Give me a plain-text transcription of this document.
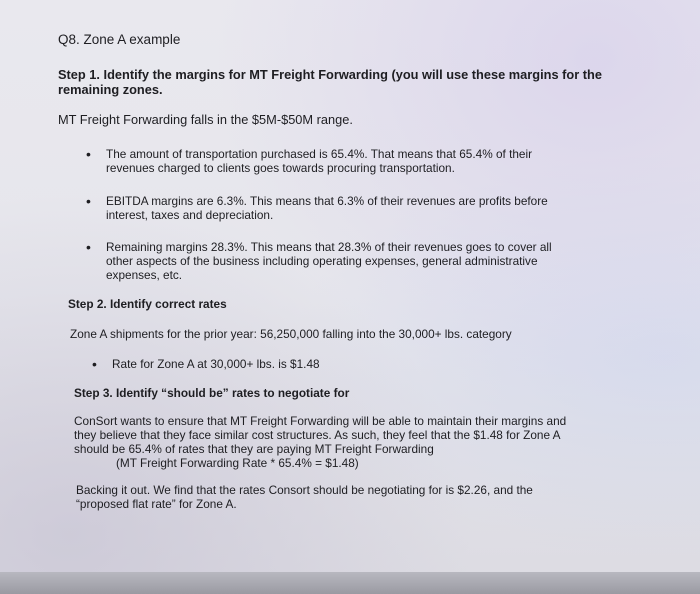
Q8. Zone A example
Step 1. Identify the margins for MT Freight Forwarding (you will use these margins for the
remaining zones.
MT Freight Forwarding falls in the $5M-$50M range.
• The amount of transportation purchased is 65.4%. That means that 65.4% of their
revenues charged to clients goes towards procuring transportation.
• EBITDA margins are 6.3%. This means that 6.3% of their revenues are profits before
interest, taxes and depreciation.
• Remaining margins 28.3%. This means that 28.3% of their revenues goes to cover all
other aspects of the business including operating expenses, general administrative
expenses, etc.
Step 2. Identify correct rates
Zone A shipments for the prior year: 56,250,000 falling into the 30,000+ lbs. category
• Rate for Zone A at 30,000+ lbs. is $1.48
Step 3. Identify “should be” rates to negotiate for
ConSort wants to ensure that MT Freight Forwarding will be able to maintain their margins and
they believe that they face similar cost structures. As such, they feel that the $1.48 for Zone A
should be 65.4% of rates that they are paying MT Freight Forwarding
(MT Freight Forwarding Rate * 65.4% = $1.48)
Backing it out. We find that the rates Consort should be negotiating for is $2.26, and the
“proposed flat rate” for Zone A.
